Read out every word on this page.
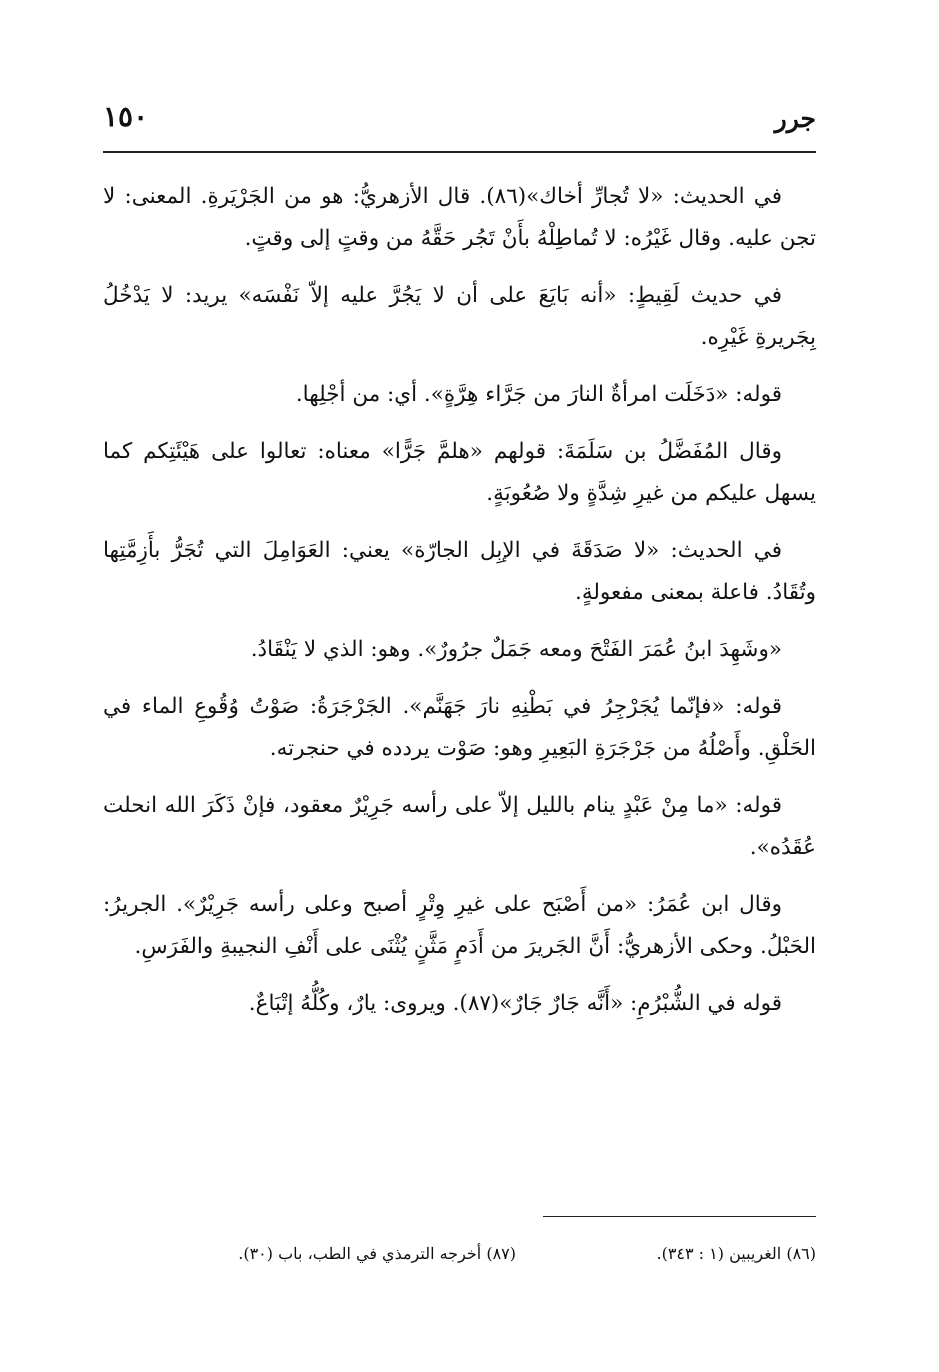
جرر
١٥٠

في الحديث: «لا تُجارِّ أخاك»(٨٦). قال الأزهريُّ: هو من الجَرْيَرةِ. المعنى: لا تجن عليه. وقال غَيْرُه: لا تُماطِلْهُ بأَنْ تَجُر حَقَّهُ من وقتٍ إلى وقتٍ.

في حديث لَقِيطٍ: «أنه بَايَعَ على أن لا يَجُرَّ عليه إلاّ نَفْسَه» يريد: لا يَدْخُلُ بِجَريرةِ غَيْرِه.

قوله: «دَخَلَت امرأةٌ النارَ من جَرَّاء هِرَّةٍ». أي: من أجْلِها.

وقال المُفَضَّلُ بن سَلَمَةَ: قولهم «هلمَّ جَرًّا» معناه: تعالوا على هَيْئَتِكم كما يسهل عليكم من غيرِ شِدَّةٍ ولا صُعُوبَةٍ.

في الحديث: «لا صَدَقَةَ في الإبِل الجارّة» يعني: العَوَامِلَ التي تُجَرُّ بأَزِمَّتِها وتُقَادُ. فاعلة بمعنى مفعولةٍ.

«وشَهِدَ ابنُ عُمَرَ الفَتْحَ ومعه جَمَلٌ جرُورٌ». وهو: الذي لا يَنْقَادُ.

قوله: «فإنّما يُجَرْجِرُ في بَطْنِهِ نارَ جَهَنَّم». الجَرْجَرَةُ: صَوْتُ وُقُوعِ الماء في الحَلْقِ. وأَصْلُهُ من جَرْجَرَةِ البَعِيرِ وهو: صَوْت يردده في حنجرته.

قوله: «ما مِنْ عَبْدٍ ينام بالليل إلاّ على رأسه جَرِيْرٌ معقود، فإنْ ذَكَرَ الله انحلت عُقَدُه».

وقال ابن عُمَرُ: «من أَصْبَح على غيرِ وِتْرٍ أصبح وعلى رأسه جَرِيْرٌ». الجريرُ: الحَبْلُ. وحكى الأزهريُّ: أَنَّ الجَريرَ من أَدَمٍ مَثَّنٍ يُثْنَى على أَنْفِ النجيبةِ والفَرَسِ.

قوله في الشُّبْرُمِ: «أَنَّه جَارٌ جَارٌ»(٨٧). ويروى: يارٌ، وكُلُّهُ إتْبَاعٌ.

(٨٦) الغريبين (١ : ٣٤٣).
(٨٧) أخرجه الترمذي في الطب، باب (٣٠).
